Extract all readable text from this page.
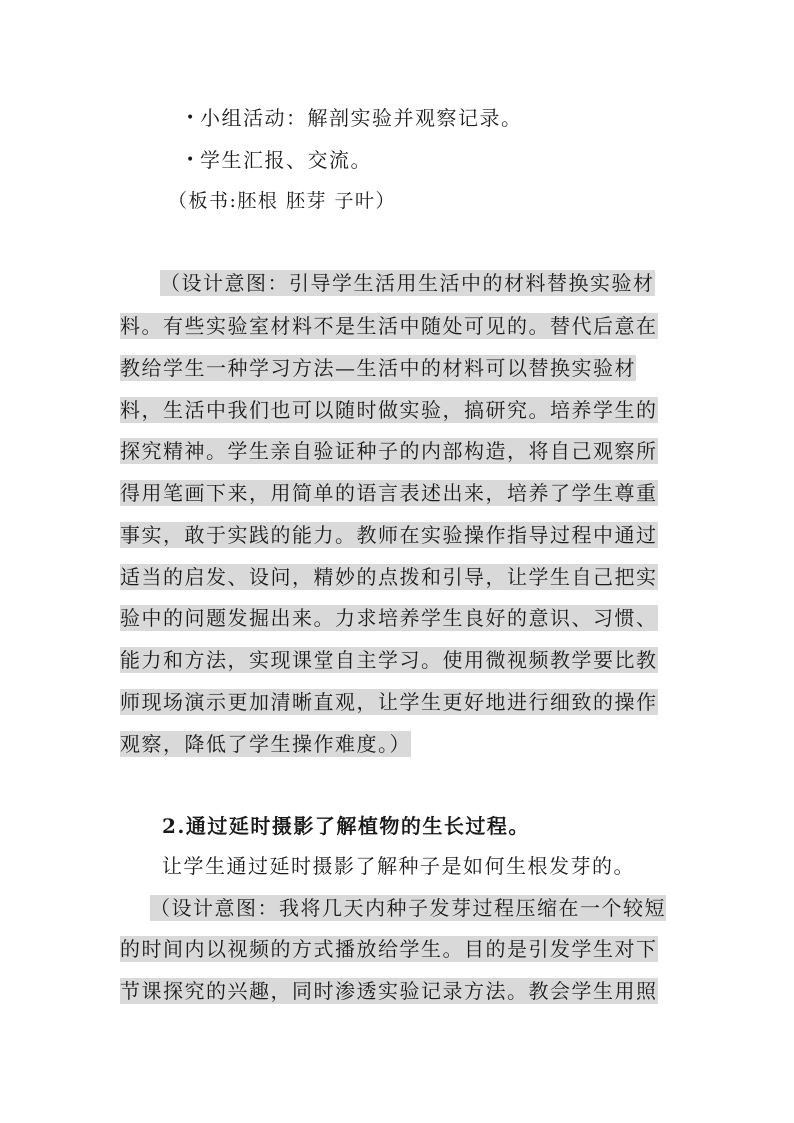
• 小组活动：解剖实验并观察记录。
• 学生汇报、交流。
（板书:胚根 胚芽 子叶）
（设计意图：引导学生活用生活中的材料替换实验材
料。有些实验室材料不是生活中随处可见的。替代后意在
教给学生一种学习方法—生活中的材料可以替换实验材
料，生活中我们也可以随时做实验，搞研究。培养学生的
探究精神。学生亲自验证种子的内部构造，将自己观察所
得用笔画下来，用简单的语言表述出来，培养了学生尊重
事实，敢于实践的能力。教师在实验操作指导过程中通过
适当的启发、设问，精妙的点拨和引导，让学生自己把实
验中的问题发掘出来。力求培养学生良好的意识、习惯、
能力和方法，实现课堂自主学习。使用微视频教学要比教
师现场演示更加清晰直观，让学生更好地进行细致的操作
观察，降低了学生操作难度。）
2.通过延时摄影了解植物的生长过程。
让学生通过延时摄影了解种子是如何生根发芽的。
（设计意图：我将几天内种子发芽过程压缩在一个较短
的时间内以视频的方式播放给学生。目的是引发学生对下
节课探究的兴趣，同时渗透实验记录方法。教会学生用照
